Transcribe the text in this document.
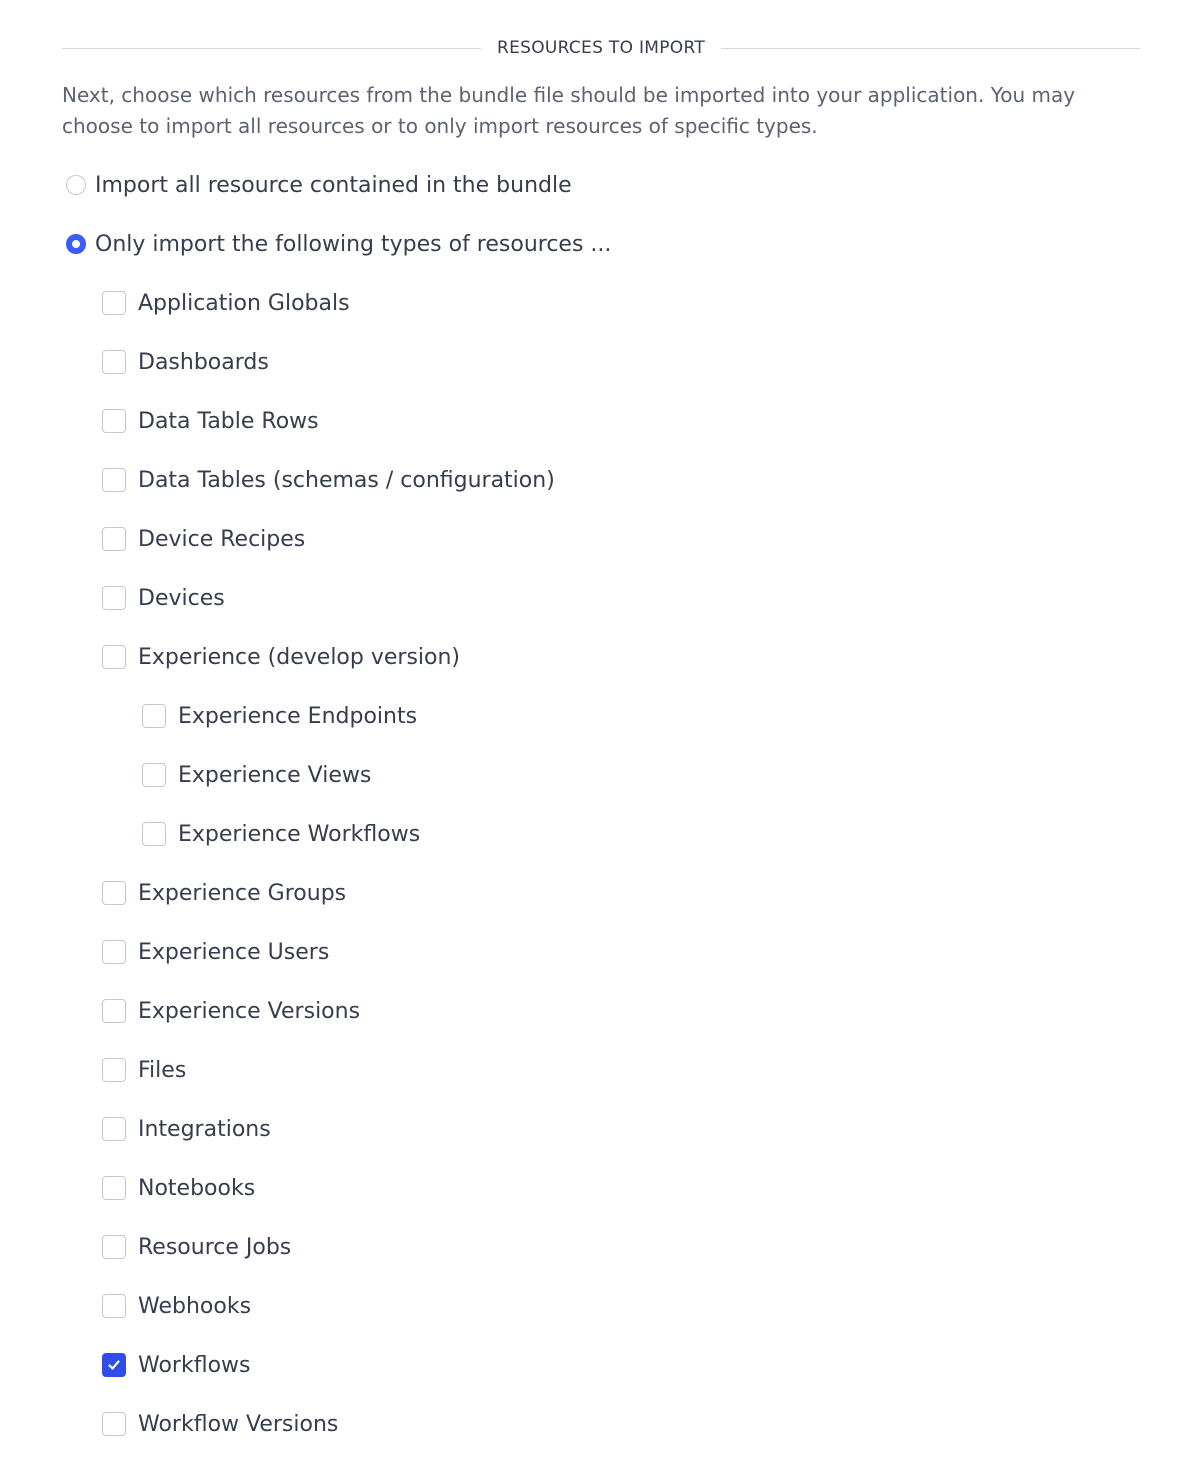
RESOURCES TO IMPORT

Next, choose which resources from the bundle file should be imported into your application. You may choose to import all resources or to only import resources of specific types.

Import all resource contained in the bundle
Only import the following types of resources ...
Application Globals
Dashboards
Data Table Rows
Data Tables (schemas / configuration)
Device Recipes
Devices
Experience (develop version)
Experience Endpoints
Experience Views
Experience Workflows
Experience Groups
Experience Users
Experience Versions
Files
Integrations
Notebooks
Resource Jobs
Webhooks
Workflows
Workflow Versions
